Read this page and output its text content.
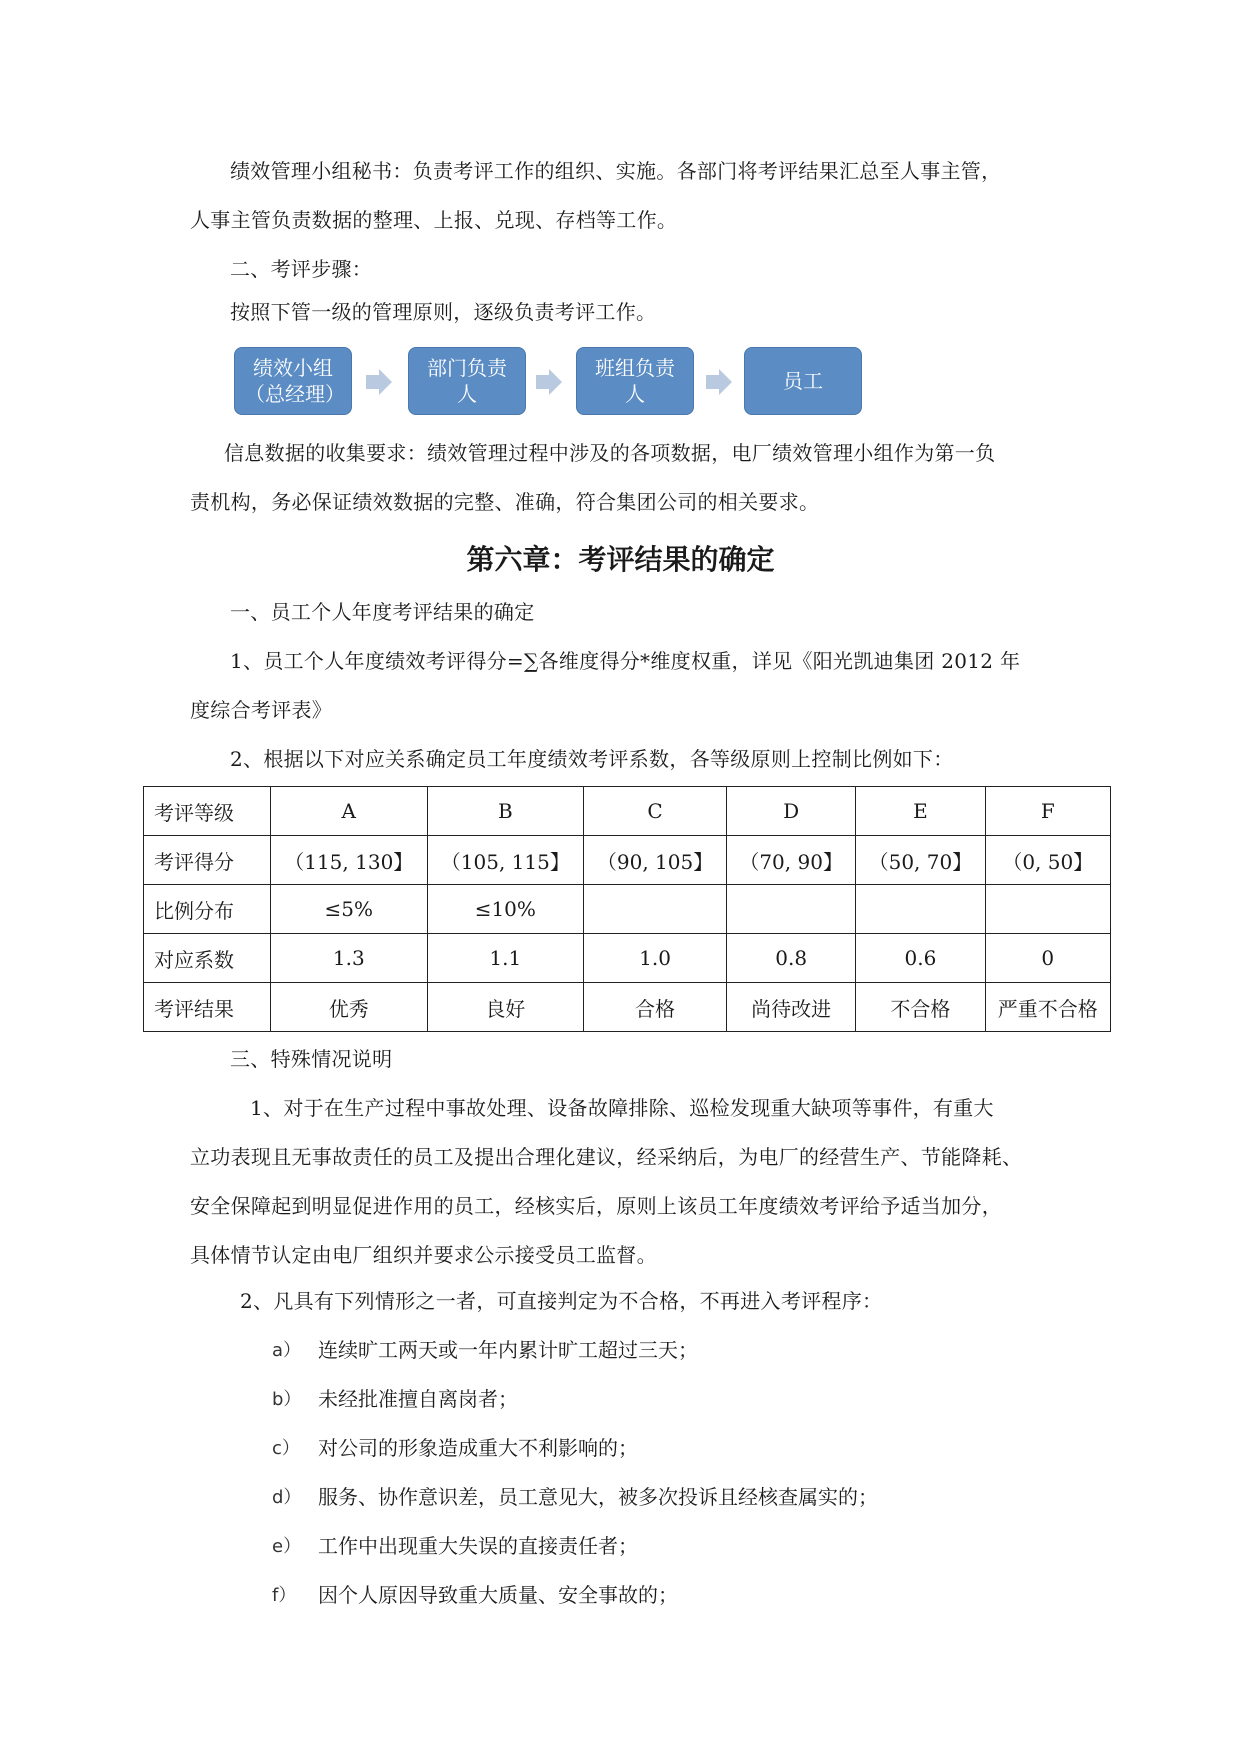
绩效管理小组秘书：负责考评工作的组织、实施。各部门将考评结果汇总至人事主管，

人事主管负责数据的整理、上报、兑现、存档等工作。

二、考评步骤：

按照下管一级的管理原则，逐级负责考评工作。

绩效小组（总经理）
部门负责人
班组负责人
员工

信息数据的收集要求：绩效管理过程中涉及的各项数据，电厂绩效管理小组作为第一负

责机构，务必保证绩效数据的完整、准确，符合集团公司的相关要求。

第六章：考评结果的确定

一、员工个人年度考评结果的确定

1、员工个人年度绩效考评得分=∑各维度得分*维度权重，详见《阳光凯迪集团 2012 年

度综合考评表》

2、根据以下对应关系确定员工年度绩效考评系数，各等级原则上控制比例如下：

考评等级	A	B	C	D	E	F
考评得分	（115, 130】	（105, 115】	（90, 105】	（70, 90】	（50, 70】	（0, 50】
比例分布	≤5%	≤10%				
对应系数	1.3	1.1	1.0	0.8	0.6	0
考评结果	优秀	良好	合格	尚待改进	不合格	严重不合格

三、特殊情况说明

1、对于在生产过程中事故处理、设备故障排除、巡检发现重大缺项等事件，有重大

立功表现且无事故责任的员工及提出合理化建议，经采纳后，为电厂的经营生产、节能降耗、

安全保障起到明显促进作用的员工，经核实后，原则上该员工年度绩效考评给予适当加分，

具体情节认定由电厂组织并要求公示接受员工监督。

2、凡具有下列情形之一者，可直接判定为不合格，不再进入考评程序：

a） 连续旷工两天或一年内累计旷工超过三天；
b） 未经批准擅自离岗者；
c） 对公司的形象造成重大不利影响的；
d） 服务、协作意识差，员工意见大，被多次投诉且经核查属实的；
e） 工作中出现重大失误的直接责任者；
f） 因个人原因导致重大质量、安全事故的；
